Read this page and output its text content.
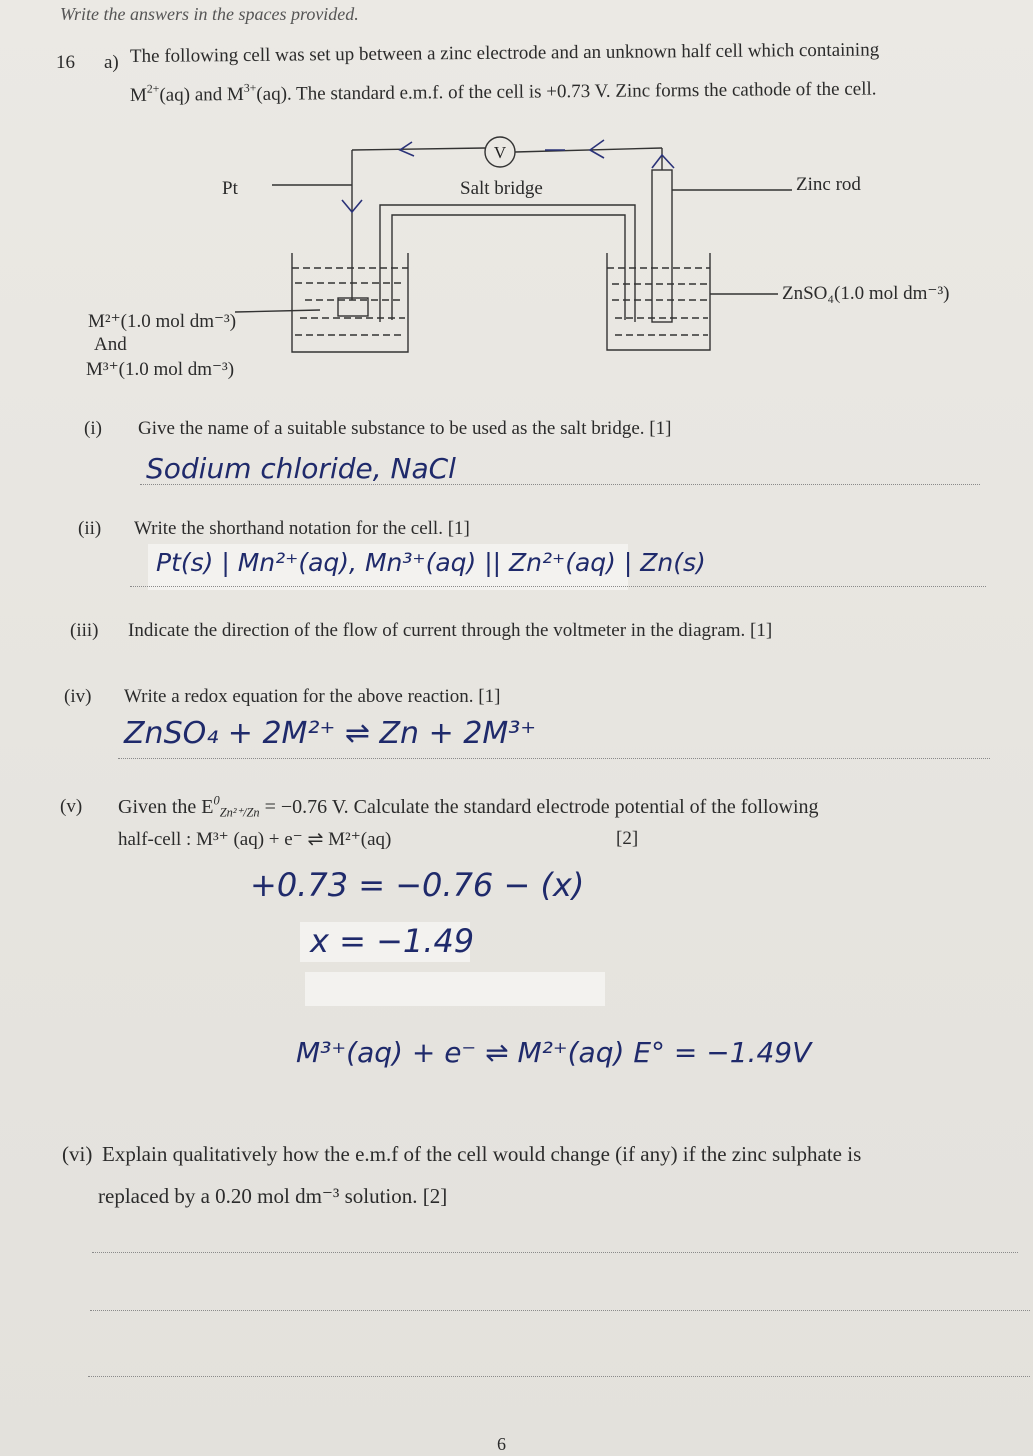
Write the answers in the spaces provided.
16 a) The following cell was set up between a zinc electrode and an unknown half cell which containing
$M^{2+}(aq)$ and $M^{3+}(aq)$. The standard e.m.f. of the cell is +0.73 V. Zinc forms the cathode of the cell.
V
Pt	Salt bridge	Zinc rod
ZnSO₄(1.0 mol dm⁻³)
M²⁺(1.0 mol dm⁻³)
And
M³⁺(1.0 mol dm⁻³)
(i) Give the name of a suitable substance to be used as the salt bridge. [1]
Sodium chloride, NaCl
(ii) Write the shorthand notation for the cell. [1]
Pt(s) | Mn²⁺(aq), Mn³⁺(aq) || Zn²⁺(aq) | Zn(s)
(iii) Indicate the direction of the flow of current through the voltmeter in the diagram. [1]
(iv) Write a redox equation for the above reaction. [1]
ZnSO₄ + 2M²⁺ ⇌ Zn + 2M³⁺
(v) Given the $E^0_{Zn^{2+}/Zn} = -0.76$ V. Calculate the standard electrode potential of the following
half-cell : M³⁺ (aq) + e⁻ ⇌ M²⁺(aq)	[2]
+0.73 = −0.76 − (x)
x = −1.49
M³⁺(aq) + e⁻ ⇌ M²⁺(aq) E° = −1.49V
(vi) Explain qualitatively how the e.m.f of the cell would change (if any) if the zinc sulphate is
replaced by a 0.20 mol dm⁻³ solution. [2]
6
